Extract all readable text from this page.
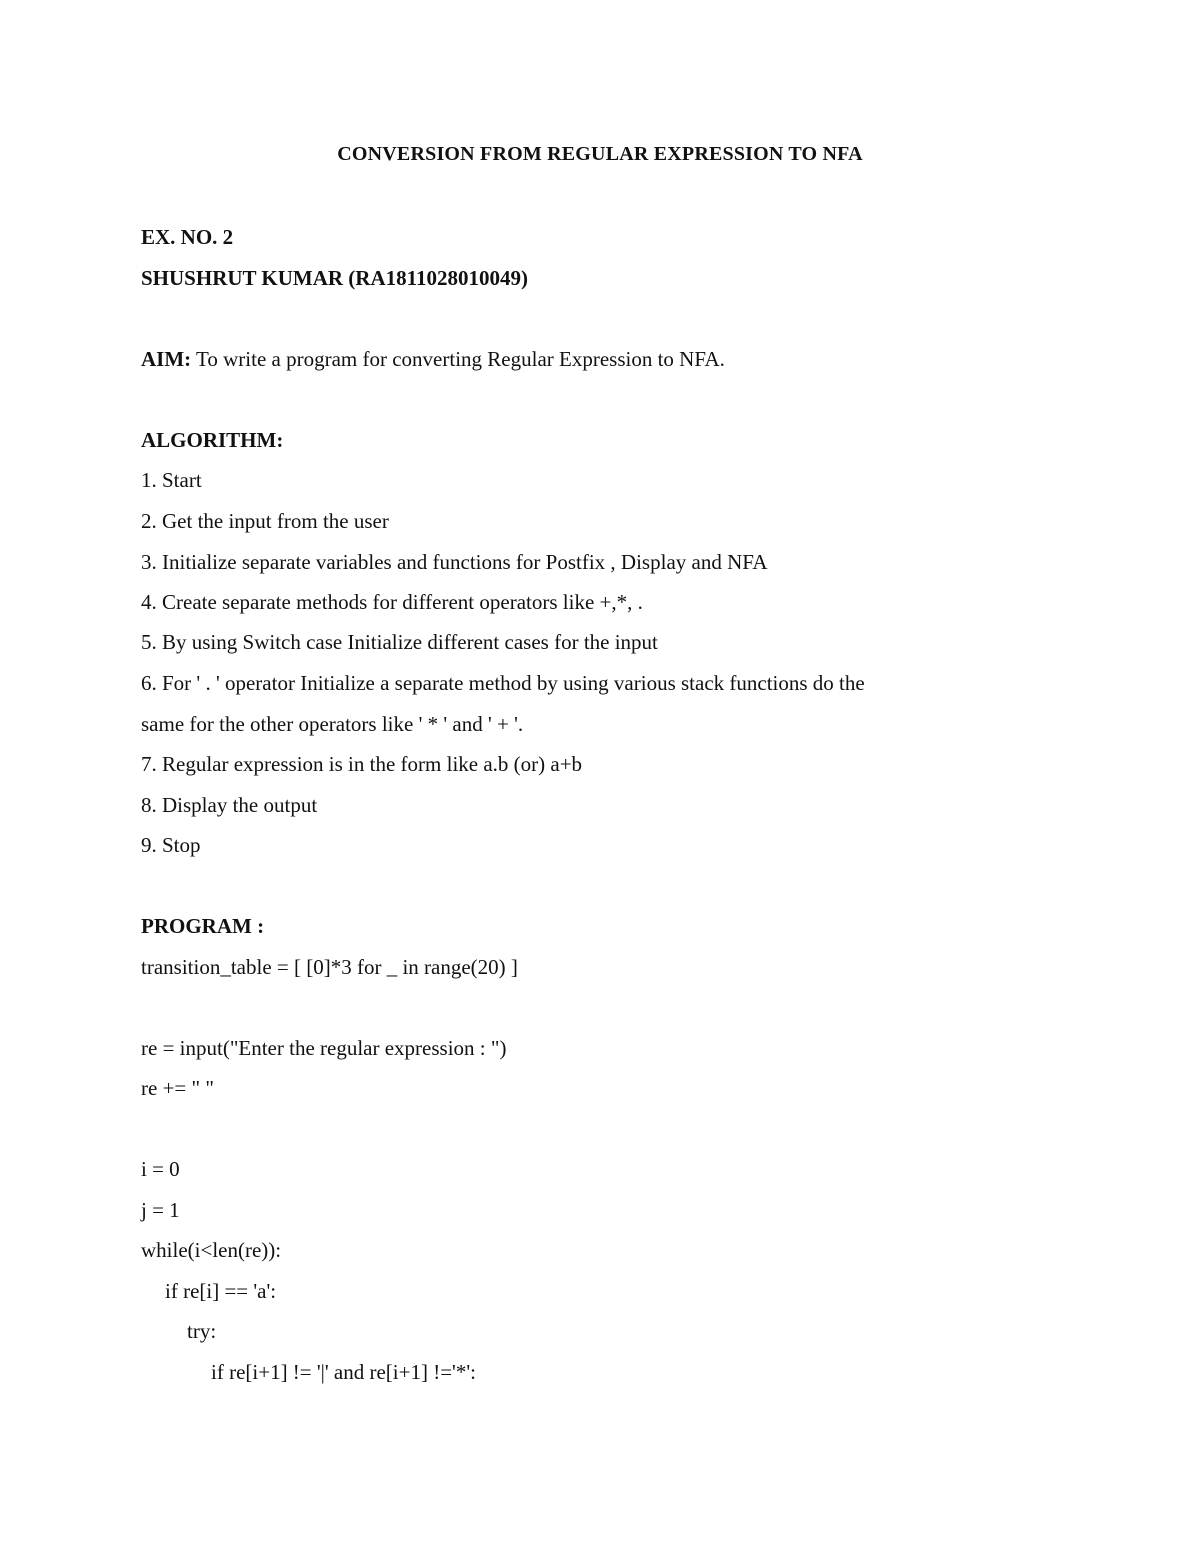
CONVERSION FROM REGULAR EXPRESSION TO NFA
EX. NO. 2
SHUSHRUT KUMAR (RA1811028010049)
AIM: To write a program for converting Regular Expression to NFA.
ALGORITHM:
1. Start
2. Get the input from the user
3. Initialize separate variables and functions for Postfix , Display and NFA
4. Create separate methods for different operators like +,*, .
5. By using Switch case Initialize different cases for the input
6. For ' . ' operator Initialize a separate method by using various stack functions do the
same for the other operators like ' * ' and ' + '.
7. Regular expression is in the form like a.b (or) a+b
8. Display the output
9. Stop
PROGRAM :
transition_table = [ [0]*3 for _ in range(20) ]
re = input("Enter the regular expression : ")
re += " "
i = 0
j = 1
while(i<len(re)):
if re[i] == 'a':
try:
if re[i+1] != '|' and re[i+1] !='*':
